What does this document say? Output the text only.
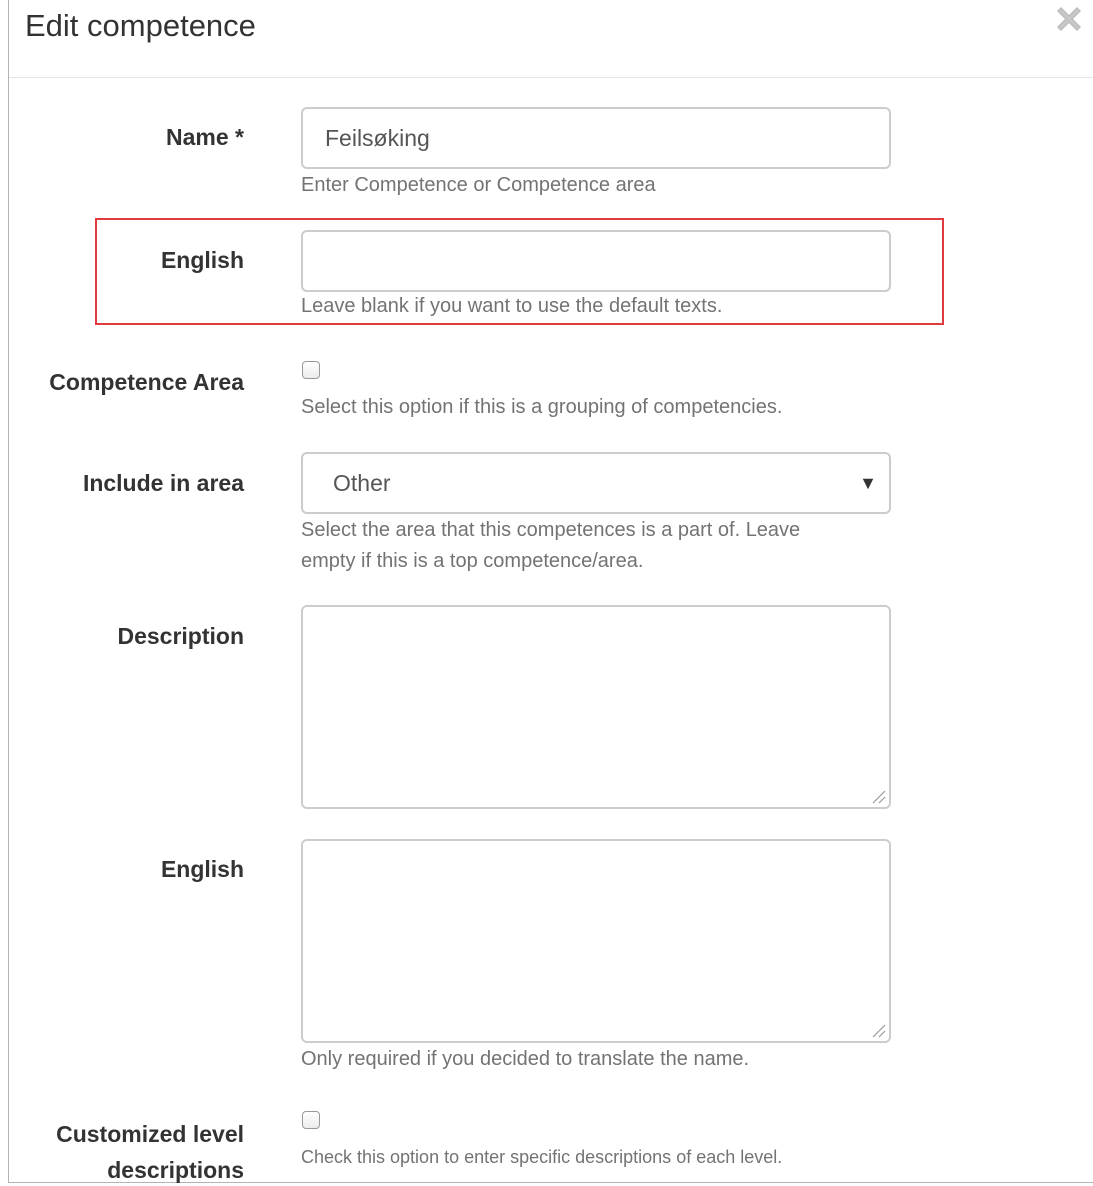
Edit competence
Name *	Feilsøking
Enter Competence or Competence area
English
Leave blank if you want to use the default texts.
Competence Area
Select this option if this is a grouping of competencies.
Include in area	Other	▼
Select the area that this competences is a part of. Leave
empty if this is a top competence/area.
Description
English
Only required if you decided to translate the name.
Customized level
descriptions	Check this option to enter specific descriptions of each level.
